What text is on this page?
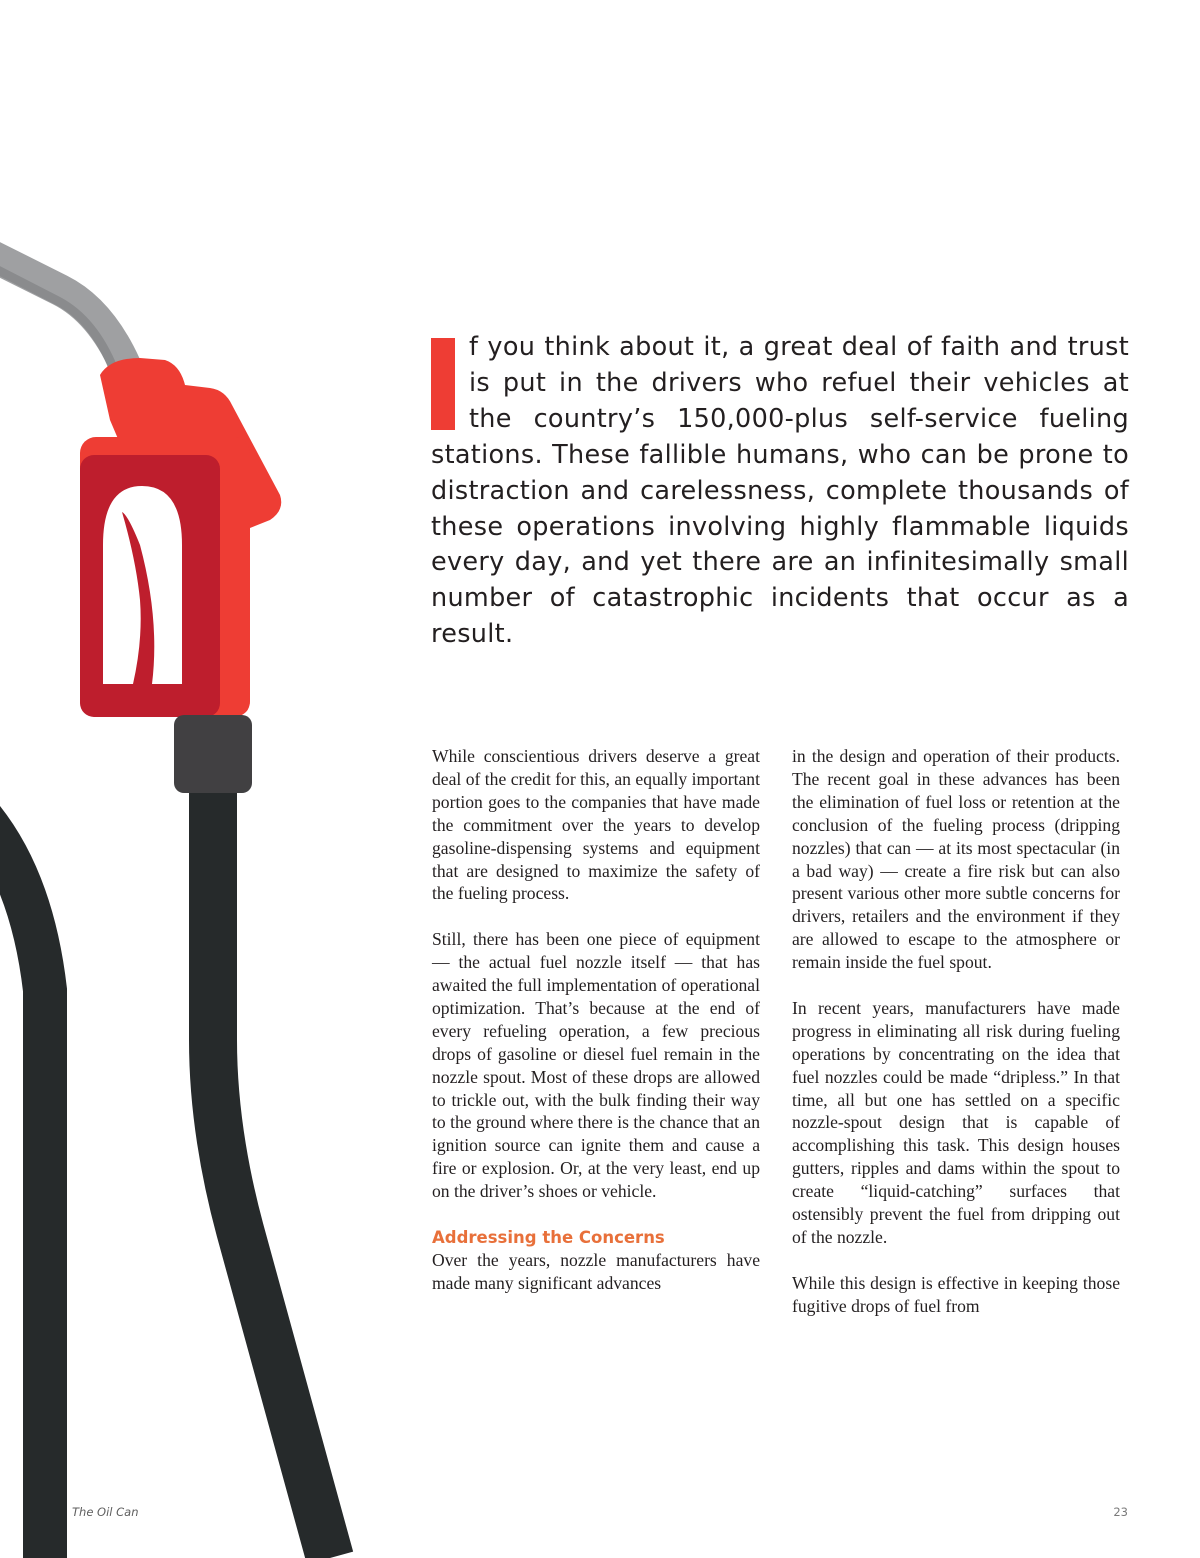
f you think about it, a great deal of faith and trust is put in the drivers who refuel their vehicles at the country’s 150,000-plus self-service fueling stations. These fallible humans, who can be prone to distraction and carelessness, complete thousands of these operations involving highly flammable liquids every day, and yet there are an infinitesimally small number of catastrophic incidents that occur as a result.

While conscientious drivers deserve a great deal of the credit for this, an equally important portion goes to the companies that have made the commitment over the years to develop gasoline-dispensing systems and equipment that are designed to maximize the safety of the fueling process.

Still, there has been one piece of equipment — the actual fuel nozzle itself — that has awaited the full implementation of operational optimization. That’s because at the end of every refueling operation, a few precious drops of gasoline or diesel fuel remain in the nozzle spout. Most of these drops are allowed to trickle out, with the bulk finding their way to the ground where there is the chance that an ignition source can ignite them and cause a fire or explosion. Or, at the very least, end up on the driver’s shoes or vehicle.

Addressing the Concerns

Over the years, nozzle manufacturers have made many significant advances

in the design and operation of their products. The recent goal in these advances has been the elimination of fuel loss or retention at the conclusion of the fueling process (dripping nozzles) that can — at its most spectacular (in a bad way) — create a fire risk but can also present various other more subtle concerns for drivers, retailers and the environment if they are allowed to escape to the atmosphere or remain inside the fuel spout.

In recent years, manufacturers have made progress in eliminating all risk during fueling operations by concentrating on the idea that fuel nozzles could be made “dripless.” In that time, all but one has settled on a specific nozzle-spout design that is capable of accomplishing this task. This design houses gutters, ripples and dams within the spout to create “liquid-catching” surfaces that ostensibly prevent the fuel from dripping out of the nozzle.

While this design is effective in keeping those fugitive drops of fuel from

The Oil Can	23
